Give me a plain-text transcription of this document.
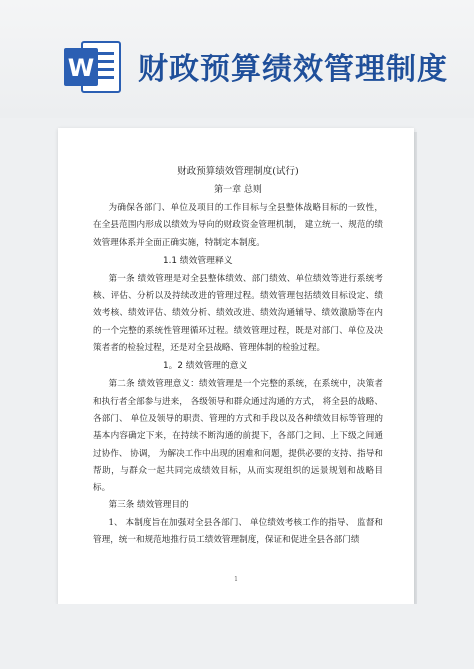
W 财政预算绩效管理制度
财政预算绩效管理制度(试行)
第一章 总则

为确保各部门、单位及项目的工作目标与全县整体战略目标的一致性，在全县范围内形成以绩效为导向的财政资金管理机制， 建立统一、规范的绩效管理体系并全面正确实施，特制定本制度。

1.1 绩效管理释义

第一条 绩效管理是对全县整体绩效、部门绩效、单位绩效等进行系统考核、评估、分析以及持续改进的管理过程。绩效管理包括绩效目标设定、绩效考核、绩效评估、绩效分析、绩效改进、绩效沟通辅导、绩效激励等在内的一个完整的系统性管理循环过程。绩效管理过程，既是对部门、单位及决策者者的检验过程，还是对全县战略、管理体制的检验过程。

1。2 绩效管理的意义

第二条 绩效管理意义：绩效管理是一个完整的系统，在系统中，决策者和执行者全部参与进来， 各级领导和群众通过沟通的方式， 将全县的战略、各部门、 单位及领导的职责、管理的方式和手段以及各种绩效目标等管理的基本内容确定下来，在持续不断沟通的前提下，各部门之间、上下级之间通过协作、 协调， 为解决工作中出现的困难和问题，提供必要的支持、指导和帮助，与群众一起共同完成绩效目标，从而实现组织的远景规划和战略目标。

第三条 绩效管理目的

1、 本制度旨在加强对全县各部门、 单位绩效考核工作的指导、 监督和管理，统一和规范地推行员工绩效管理制度，保证和促进全县各部门绩

1
